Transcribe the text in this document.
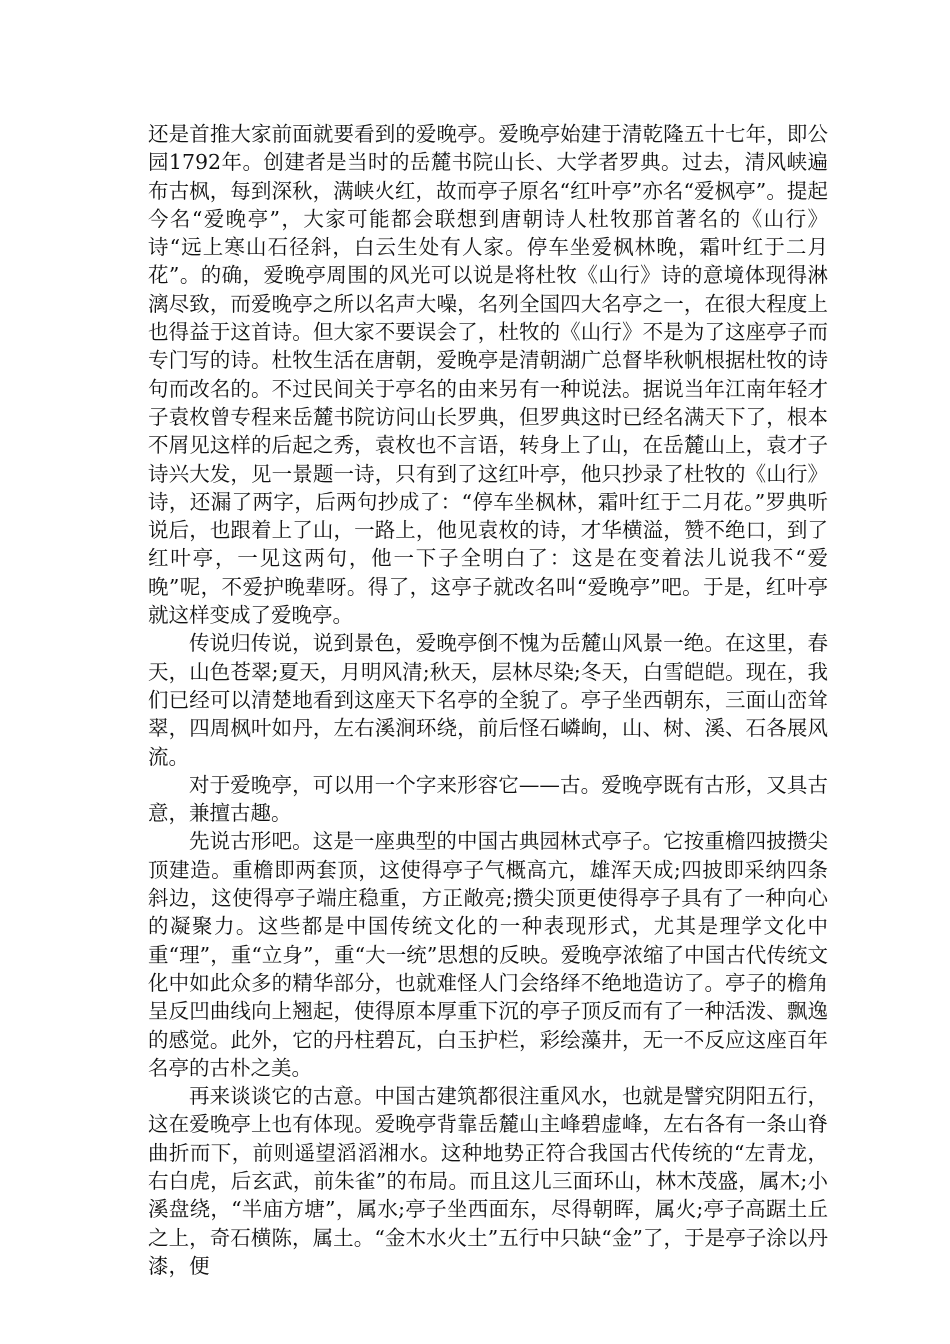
还是首推大家前面就要看到的爱晚亭。爱晚亭始建于清乾隆五十七年，即公园1792年。创建者是当时的岳麓书院山长、大学者罗典。过去，清风峡遍布古枫，每到深秋，满峡火红，故而亭子原名“红叶亭”亦名“爱枫亭”。提起今名“爱晚亭”，大家可能都会联想到唐朝诗人杜牧那首著名的《山行》诗“远上寒山石径斜，白云生处有人家。停车坐爱枫林晚，霜叶红于二月花”。的确，爱晚亭周围的风光可以说是将杜牧《山行》诗的意境体现得淋漓尽致，而爱晚亭之所以名声大噪，名列全国四大名亭之一，在很大程度上也得益于这首诗。但大家不要误会了，杜牧的《山行》不是为了这座亭子而专门写的诗。杜牧生活在唐朝，爱晚亭是清朝湖广总督毕秋帆根据杜牧的诗句而改名的。不过民间关于亭名的由来另有一种说法。据说当年江南年轻才子袁枚曾专程来岳麓书院访问山长罗典，但罗典这时已经名满天下了，根本不屑见这样的后起之秀，袁枚也不言语，转身上了山，在岳麓山上，袁才子诗兴大发，见一景题一诗，只有到了这红叶亭，他只抄录了杜牧的《山行》诗，还漏了两字，后两句抄成了：“停车坐枫林，霜叶红于二月花。”罗典听说后，也跟着上了山，一路上，他见袁枚的诗，才华横溢，赞不绝口，到了红叶亭，一见这两句，他一下子全明白了：这是在变着法儿说我不“爱晚”呢，不爱护晚辈呀。得了，这亭子就改名叫“爱晚亭”吧。于是，红叶亭就这样变成了爱晚亭。

传说归传说，说到景色，爱晚亭倒不愧为岳麓山风景一绝。在这里，春天，山色苍翠;夏天，月明风清;秋天，层林尽染;冬天，白雪皑皑。现在，我们已经可以清楚地看到这座天下名亭的全貌了。亭子坐西朝东，三面山峦耸翠，四周枫叶如丹，左右溪涧环绕，前后怪石嶙峋，山、树、溪、石各展风流。

对于爱晚亭，可以用一个字来形容它——古。爱晚亭既有古形，又具古意，兼擅古趣。

先说古形吧。这是一座典型的中国古典园林式亭子。它按重檐四披攒尖顶建造。重檐即两套顶，这使得亭子气概高亢，雄浑天成;四披即采纳四条斜边，这使得亭子端庄稳重，方正敞亮;攒尖顶更使得亭子具有了一种向心的凝聚力。这些都是中国传统文化的一种表现形式，尤其是理学文化中重“理”，重“立身”，重“大一统”思想的反映。爱晚亭浓缩了中国古代传统文化中如此众多的精华部分，也就难怪人门会络绎不绝地造访了。亭子的檐角呈反凹曲线向上翘起，使得原本厚重下沉的亭子顶反而有了一种活泼、飘逸的感觉。此外，它的丹柱碧瓦，白玉护栏，彩绘藻井，无一不反应这座百年名亭的古朴之美。

再来谈谈它的古意。中国古建筑都很注重风水，也就是譬究阴阳五行，这在爱晚亭上也有体现。爱晚亭背靠岳麓山主峰碧虚峰，左右各有一条山脊曲折而下，前则遥望滔滔湘水。这种地势正符合我国古代传统的“左青龙，右白虎，后玄武，前朱雀”的布局。而且这儿三面环山，林木茂盛，属木;小溪盘绕，“半庙方塘”，属水;亭子坐西面东，尽得朝晖，属火;亭子高踞土丘之上，奇石横陈，属土。“金木水火土”五行中只缺“金”了，于是亭子涂以丹漆，便
